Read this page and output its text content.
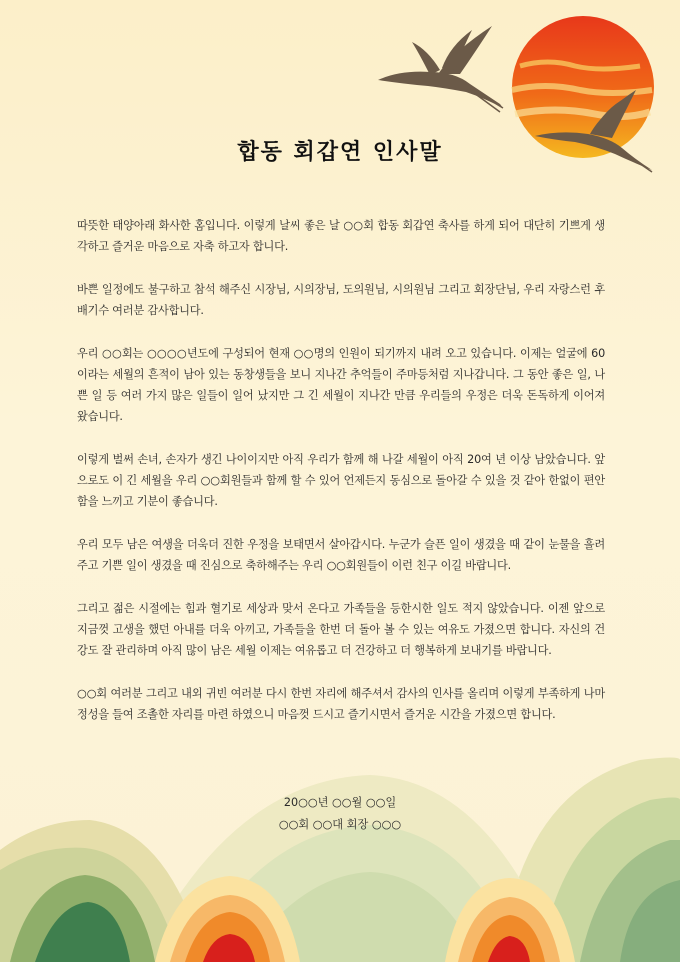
합동 회갑연 인사말

따뜻한 태양아래 화사한 홈입니다. 이렇게 날씨 좋은 날 ○○회 합동 회갑연 축사를 하게 되어 대단히 기쁘게 생각하고 즐거운 마음으로 자축 하고자 합니다.

바쁜 일정에도 불구하고 참석 해주신 시장님, 시의장님, 도의원님, 시의원님 그리고 회장단님, 우리 자랑스런 후배기수 여러분 감사합니다.

우리 ○○회는 ○○○○년도에 구성되어 현재 ○○명의 인원이 되기까지 내려 오고 있습니다. 이제는 얼굴에 60이라는 세월의 흔적이 남아 있는 동창생들을 보니 지나간 추억들이 주마등처럼 지나갑니다. 그 동안 좋은 일, 나쁜 일 등 여러 가지 많은 일들이 일어 났지만 그 긴 세월이 지나간 만큼 우리들의 우정은 더욱 돈독하게 이어져 왔습니다.

이렇게 벌써 손녀, 손자가 생긴 나이이지만 아직 우리가 함께 해 나갈 세월이 아직 20여 년 이상 남았습니다. 앞으로도 이 긴 세월을 우리 ○○회원들과 함께 할 수 있어 언제든지 동심으로 돌아갈 수 있을 것 같아 한없이 편안함을 느끼고 기분이 좋습니다.

우리 모두 남은 여생을 더욱더 진한 우정을 보태면서 살아갑시다. 누군가 슬픈 일이 생겼을 때 같이 눈물을 흘려주고 기쁜 일이 생겼을 때 진심으로 축하해주는 우리 ○○회원들이 이런 친구 이길 바랍니다.

그리고 젊은 시절에는 힘과 혈기로 세상과 맞서 온다고 가족들을 등한시한 일도 적지 않았습니다. 이젠 앞으로 지금껏 고생을 했던 아내를 더욱 아끼고, 가족들을 한번 더 돌아 볼 수 있는 여유도 가졌으면 합니다. 자신의 건강도 잘 관리하며 아직 많이 남은 세월 이제는 여유롭고 더 건강하고 더 행복하게 보내기를 바랍니다.

○○회 여러분 그리고 내외 귀빈 여러분 다시 한번 자리에 해주셔서 감사의 인사를 올리며 이렇게 부족하게 나마 정성을 들여 조촐한 자리를 마련 하였으니 마음껏 드시고 즐기시면서 즐거운 시간을 가졌으면 합니다.

20○○년 ○○월 ○○일
○○회 ○○대 회장 ○○○
